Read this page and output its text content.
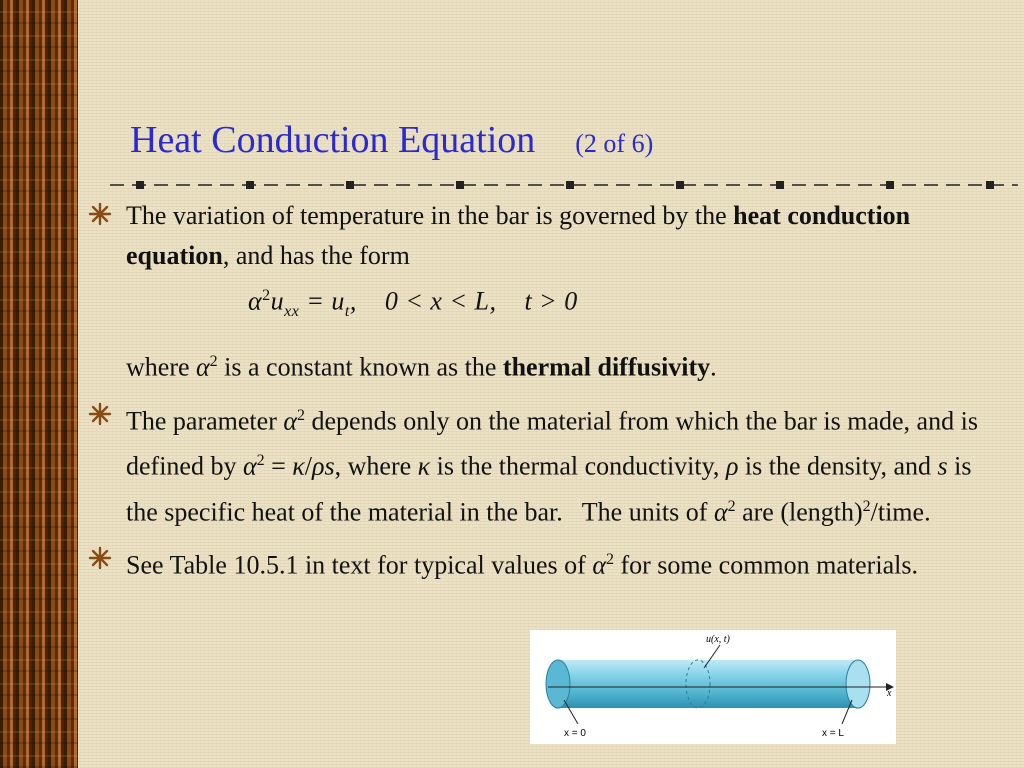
Heat Conduction Equation (2 of 6)

The variation of temperature in the bar is governed by the heat conduction equation, and has the form

$\alpha^2u_{xx} = u_t$,    0 < x < L,    t > 0

where $\alpha^2$ is a constant known as the thermal diffusivity.

The parameter $\alpha^2$ depends only on the material from which the bar is made, and is defined by $\alpha^2 = \kappa/\rho s$, where κ is the thermal conductivity, ρ is the density, and s is the specific heat of the material in the bar.   The units of $\alpha^2$ are (length)$^2$/time.

See Table 10.5.1 in text for typical values of $\alpha^2$ for some common materials.

x
u(x, t)
x = 0	x = L
